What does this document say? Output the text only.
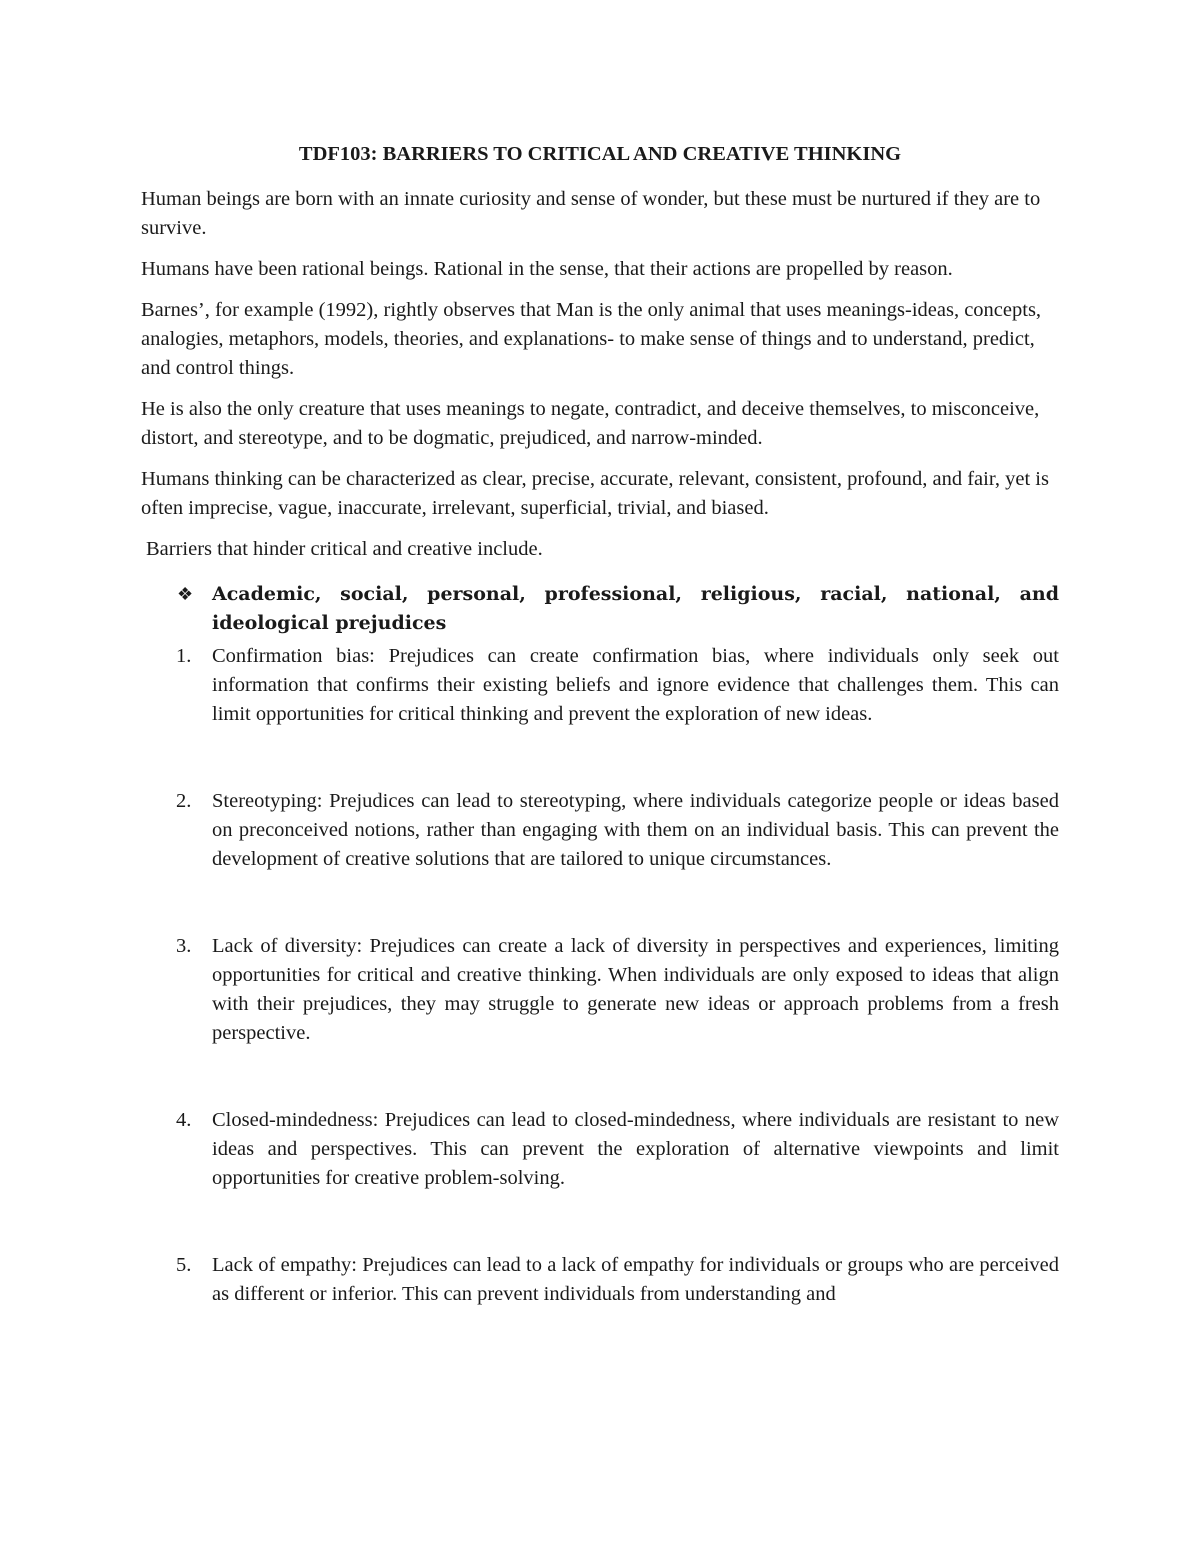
TDF103: BARRIERS TO CRITICAL AND CREATIVE THINKING

Human beings are born with an innate curiosity and sense of wonder, but these must be nurtured if they are to survive.

Humans have been rational beings. Rational in the sense, that their actions are propelled by reason.

Barnes’, for example (1992), rightly observes that Man is the only animal that uses meanings-ideas, concepts, analogies, metaphors, models, theories, and explanations- to make sense of things and to understand, predict, and control things.

He is also the only creature that uses meanings to negate, contradict, and deceive themselves, to misconceive, distort, and stereotype, and to be dogmatic, prejudiced, and narrow-minded.

Humans thinking can be characterized as clear, precise, accurate, relevant, consistent, profound, and fair, yet is often imprecise, vague, inaccurate, irrelevant, superficial, trivial, and biased.

Barriers that hinder critical and creative include.

❖ Academic, social, personal, professional, religious, racial, national, and ideological prejudices
1. Confirmation bias: Prejudices can create confirmation bias, where individuals only seek out information that confirms their existing beliefs and ignore evidence that challenges them. This can limit opportunities for critical thinking and prevent the exploration of new ideas.
2. Stereotyping: Prejudices can lead to stereotyping, where individuals categorize people or ideas based on preconceived notions, rather than engaging with them on an individual basis. This can prevent the development of creative solutions that are tailored to unique circumstances.
3. Lack of diversity: Prejudices can create a lack of diversity in perspectives and experiences, limiting opportunities for critical and creative thinking. When individuals are only exposed to ideas that align with their prejudices, they may struggle to generate new ideas or approach problems from a fresh perspective.
4. Closed-mindedness: Prejudices can lead to closed-mindedness, where individuals are resistant to new ideas and perspectives. This can prevent the exploration of alternative viewpoints and limit opportunities for creative problem-solving.
5. Lack of empathy: Prejudices can lead to a lack of empathy for individuals or groups who are perceived as different or inferior. This can prevent individuals from understanding and
